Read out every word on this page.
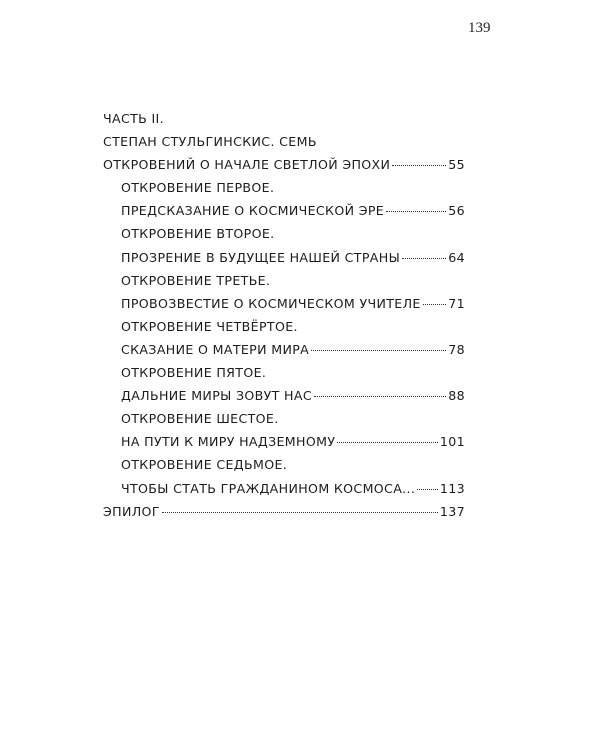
139
ЧАСТЬ II.
СТЕПАН СТУЛЬГИНСКИС. СЕМЬ
ОТКРОВЕНИЙ О НАЧАЛЕ СВЕТЛОЙ ЭПОХИ	55
ОТКРОВЕНИЕ ПЕРВОЕ.
ПРЕДСКАЗАНИЕ О КОСМИЧЕСКОЙ ЭРЕ	56
ОТКРОВЕНИЕ ВТОРОЕ.
ПРОЗРЕНИЕ В БУДУЩЕЕ НАШЕЙ СТРАНЫ	64
ОТКРОВЕНИЕ ТРЕТЬЕ.
ПРОВОЗВЕСТИЕ О КОСМИЧЕСКОМ УЧИТЕЛЕ 71
ОТКРОВЕНИЕ ЧЕТВЁРТОЕ.
СКАЗАНИЕ О МАТЕРИ МИРА	78
ОТКРОВЕНИЕ ПЯТОЕ.
ДАЛЬНИЕ МИРЫ ЗОВУТ НАС	88
ОТКРОВЕНИЕ ШЕСТОЕ.
НА ПУТИ К МИРУ НАДЗЕМНОМУ	101
ОТКРОВЕНИЕ СЕДЬМОЕ.
ЧТОБЫ СТАТЬ ГРАЖДАНИНОМ КОСМОСА... 113
ЭПИЛОГ	137
